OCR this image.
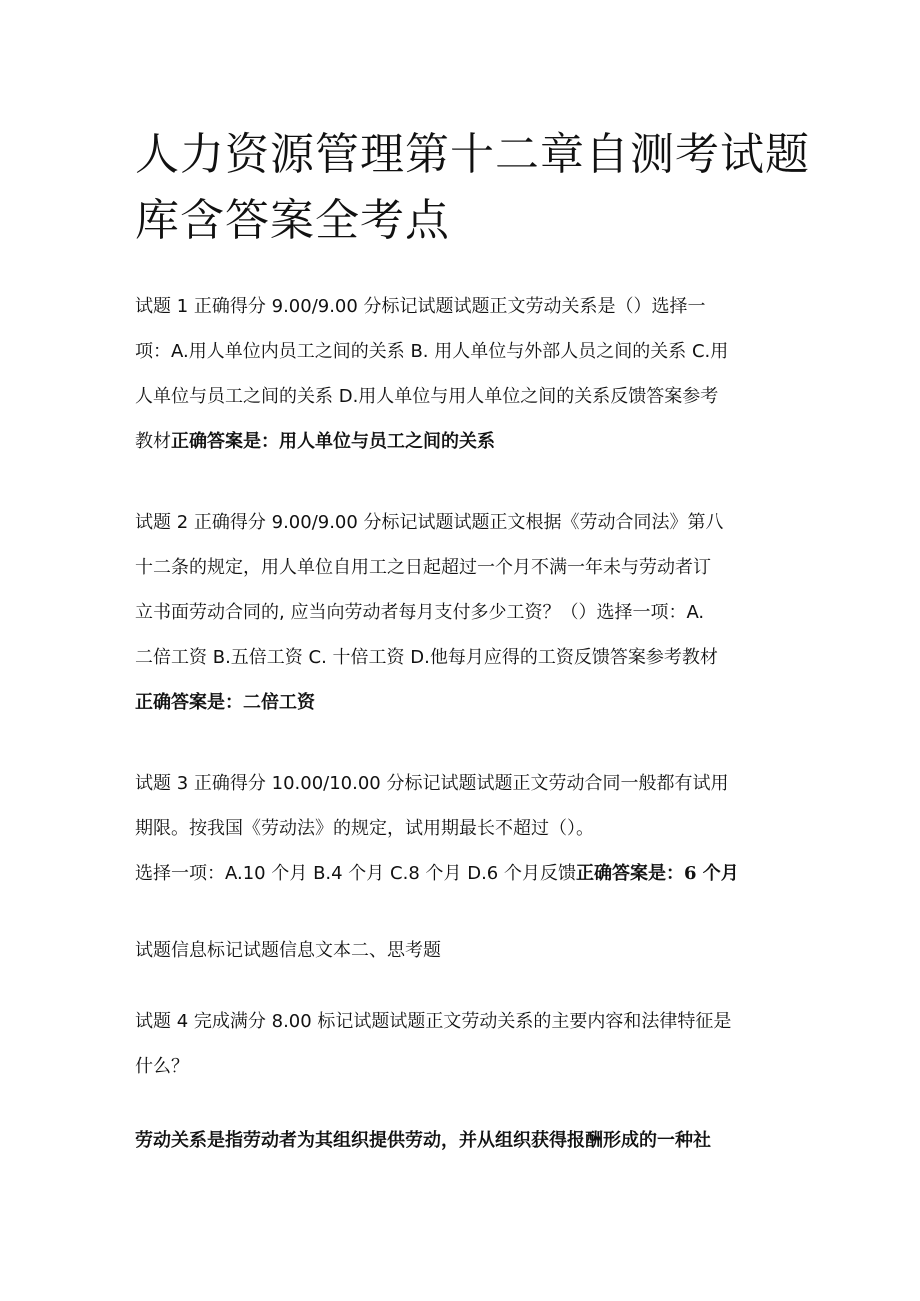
人力资源管理第十二章自测考试题
库含答案全考点
试题 1 正确得分 9.00/9.00 分标记试题试题正文劳动关系是（）选择一
项：A.用人单位内员工之间的关系 B. 用人单位与外部人员之间的关系 C.用
人单位与员工之间的关系 D.用人单位与用人单位之间的关系反馈答案参考
教材正确答案是：用人单位与员工之间的关系
试题 2 正确得分 9.00/9.00 分标记试题试题正文根据《劳动合同法》第八
十二条的规定，用人单位自用工之日起超过一个月不满一年未与劳动者订
立书面劳动合同的, 应当向劳动者每月支付多少工资？（）选择一项：A.
二倍工资 B.五倍工资 C. 十倍工资 D.他每月应得的工资反馈答案参考教材
正确答案是：二倍工资
试题 3 正确得分 10.00/10.00 分标记试题试题正文劳动合同一般都有试用
期限。按我国《劳动法》的规定，试用期最长不超过（）。
选择一项：A.10 个月 B.4 个月 C.8 个月 D.6 个月反馈正确答案是：6 个月
试题信息标记试题信息文本二、思考题
试题 4 完成满分 8.00 标记试题试题正文劳动关系的主要内容和法律特征是
什么？
劳动关系是指劳动者为其组织提供劳动，并从组织获得报酬形成的一种社
